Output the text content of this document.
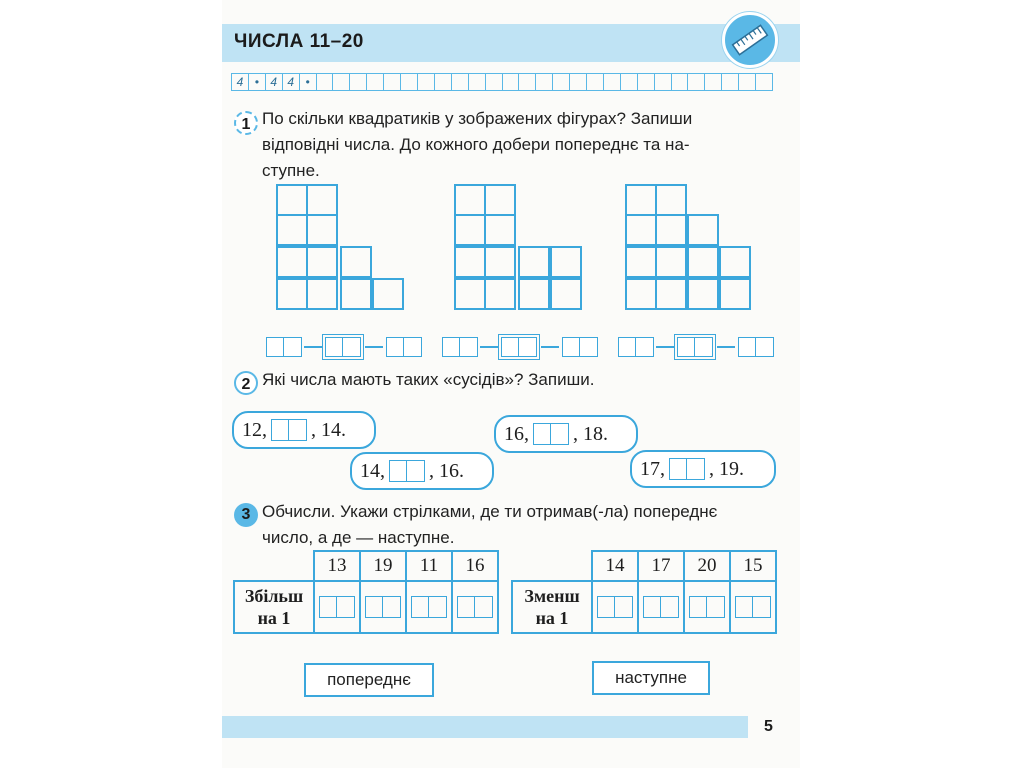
ЧИСЛА 11–20
4 • 4 4 •
1 По скільки квадратиків у зображених фігурах? Запиши
відповідні числа. До кожного добери попереднє та на-
ступне.
2 Які числа мають таких «сусідів»? Запиши.
12, , 14.	16, , 18.
14, , 16.	17, , 19.
3 Обчисли. Укажи стрілками, де ти отримав(-ла) попереднє
число, а де — наступне.
	13	19	11	16
Збільш
на 1	

	14	17	20	15
Зменш
на 1	

попереднє	наступне
5
